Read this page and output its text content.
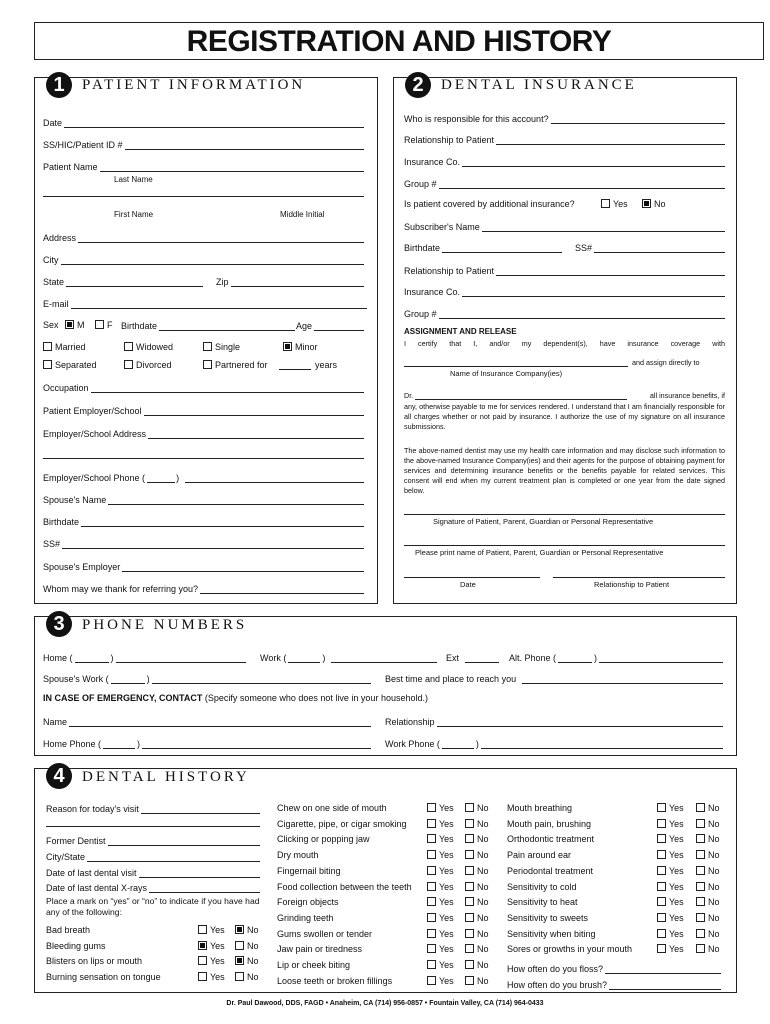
REGISTRATION AND HISTORY
1	PATIENT INFORMATION
Date
SS/HIC/Patient ID #
Patient Name
Last Name
First Name	Middle Initial
Address
City
State	Zip
E-mail
Sex	M	F Birthdate	Age
Married	Widowed	Single	Minor
Separated	Divorced	Partnered for	years
Occupation
Patient Employer/School
Employer/School Address
Employer/School Phone (	)
Spouse's Name
Birthdate
SS#
Spouse's Employer
Whom may we thank for referring you?
2	DENTAL INSURANCE
Who is responsible for this account?
Relationship to Patient
Insurance Co.
Group #
Is patient covered by additional insurance?	Yes	No
Subscriber's Name
Birthdate	SS#
Relationship to Patient
Insurance Co.
Group #
ASSIGNMENT AND RELEASE
I certify that I, and/or my dependent(s), have insurance coverage with
and assign directly to
Name of Insurance Company(ies)
Dr.	all insurance benefits, if
any, otherwise payable to me for services rendered. I understand that I am financially responsible for all charges whether or not paid by insurance. I authorize the use of my signature on all insurance submissions.
The above-named dentist may use my health care information and may disclose such information to the above-named Insurance Company(ies) and their agents for the purpose of obtaining payment for services and determining insurance benefits or the benefits payable for related services. This consent will end when my current treatment plan is completed or one year from the date signed below.
Signature of Patient, Parent, Guardian or Personal Representative
Please print name of Patient, Parent, Guardian or Personal Representative
Date	Relationship to Patient
3	PHONE NUMBERS
Home (	)	Work (	)	Ext	Alt. Phone (	)
Spouse's Work (	)	Best time and place to reach you
IN CASE OF EMERGENCY, CONTACT (Specify someone who does not live in your household.)
Name	Relationship
Home Phone (	)	Work Phone (	)
4	DENTAL HISTORY
Reason for today's visit
Former Dentist
City/State
Date of last dental visit
Date of last dental X-rays
Place a mark on “yes” or “no” to indicate if you have had any of the following:
Bad breath	Yes	No
Bleeding gums	Yes	No
Blisters on lips or mouth	Yes	No
Burning sensation on tongue	Yes	No
Chew on one side of mouth	Yes	No
Cigarette, pipe, or cigar smoking	Yes	No
Clicking or popping jaw	Yes	No
Dry mouth	Yes	No
Fingernail biting	Yes	No
Food collection between the teeth	Yes	No
Foreign objects	Yes	No
Grinding teeth	Yes	No
Gums swollen or tender	Yes	No
Jaw pain or tiredness	Yes	No
Lip or cheek biting	Yes	No
Loose teeth or broken fillings	Yes	No
Mouth breathing	Yes	No
Mouth pain, brushing	Yes	No
Orthodontic treatment	Yes	No
Pain around ear	Yes	No
Periodontal treatment	Yes	No
Sensitivity to cold	Yes	No
Sensitivity to heat	Yes	No
Sensitivity to sweets	Yes	No
Sensitivity when biting	Yes	No
Sores or growths in your mouth	Yes	No
How often do you floss?
How often do you brush?
Dr. Paul Dawood, DDS, FAGD • Anaheim, CA (714) 956-0857 • Fountain Valley, CA (714) 964-0433
